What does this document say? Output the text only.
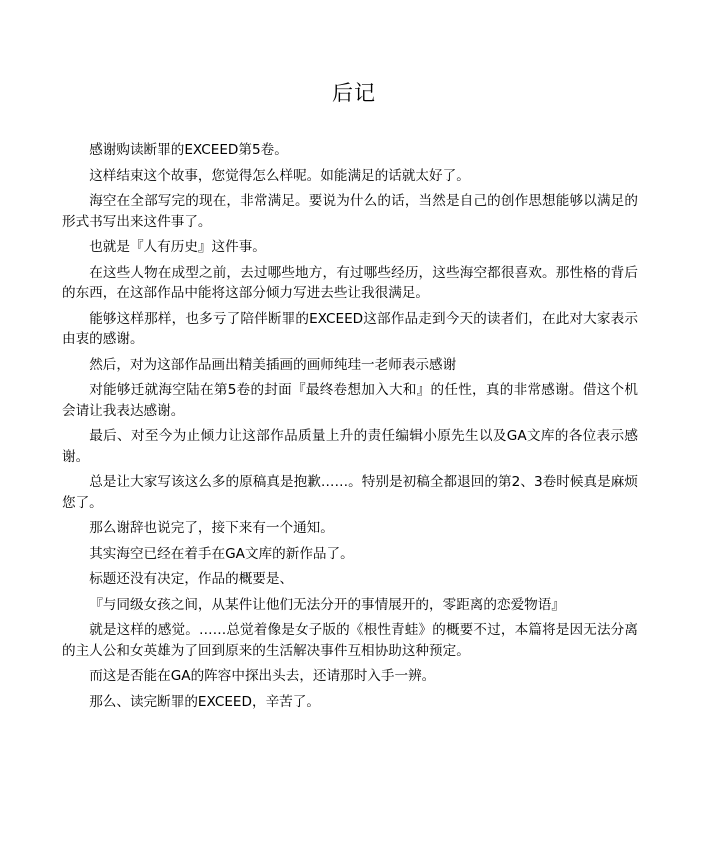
后记

感谢购读断罪的EXCEED第5卷。

这样结束这个故事，您觉得怎么样呢。如能满足的话就太好了。

海空在全部写完的现在，非常满足。要说为什么的话，当然是自己的创作思想能够以满足的形式书写出来这件事了。

也就是『人有历史』这件事。

在这些人物在成型之前，去过哪些地方，有过哪些经历，这些海空都很喜欢。那性格的背后的东西，在这部作品中能将这部分倾力写进去些让我很满足。

能够这样那样，也多亏了陪伴断罪的EXCEED这部作品走到今天的读者们，在此对大家表示由衷的感谢。

然后，对为这部作品画出精美插画的画师纯珪一老师表示感谢

对能够迁就海空陆在第5卷的封面『最终卷想加入大和』的任性，真的非常感谢。借这个机会请让我表达感谢。

最后、对至今为止倾力让这部作品质量上升的责任编辑小原先生以及GA文库的各位表示感谢。

总是让大家写该这么多的原稿真是抱歉……。特别是初稿全都退回的第2、3卷时候真是麻烦您了。

那么谢辞也说完了，接下来有一个通知。

其实海空已经在着手在GA文库的新作品了。

标题还没有决定，作品的概要是、

『与同级女孩之间，从某件让他们无法分开的事情展开的，零距离的恋爱物语』

就是这样的感觉。……总觉着像是女子版的《根性青蛙》的概要不过，本篇将是因无法分离的主人公和女英雄为了回到原来的生活解决事件互相协助这种预定。

而这是否能在GA的阵容中探出头去，还请那时入手一辨。

那么、读完断罪的EXCEED，辛苦了。
